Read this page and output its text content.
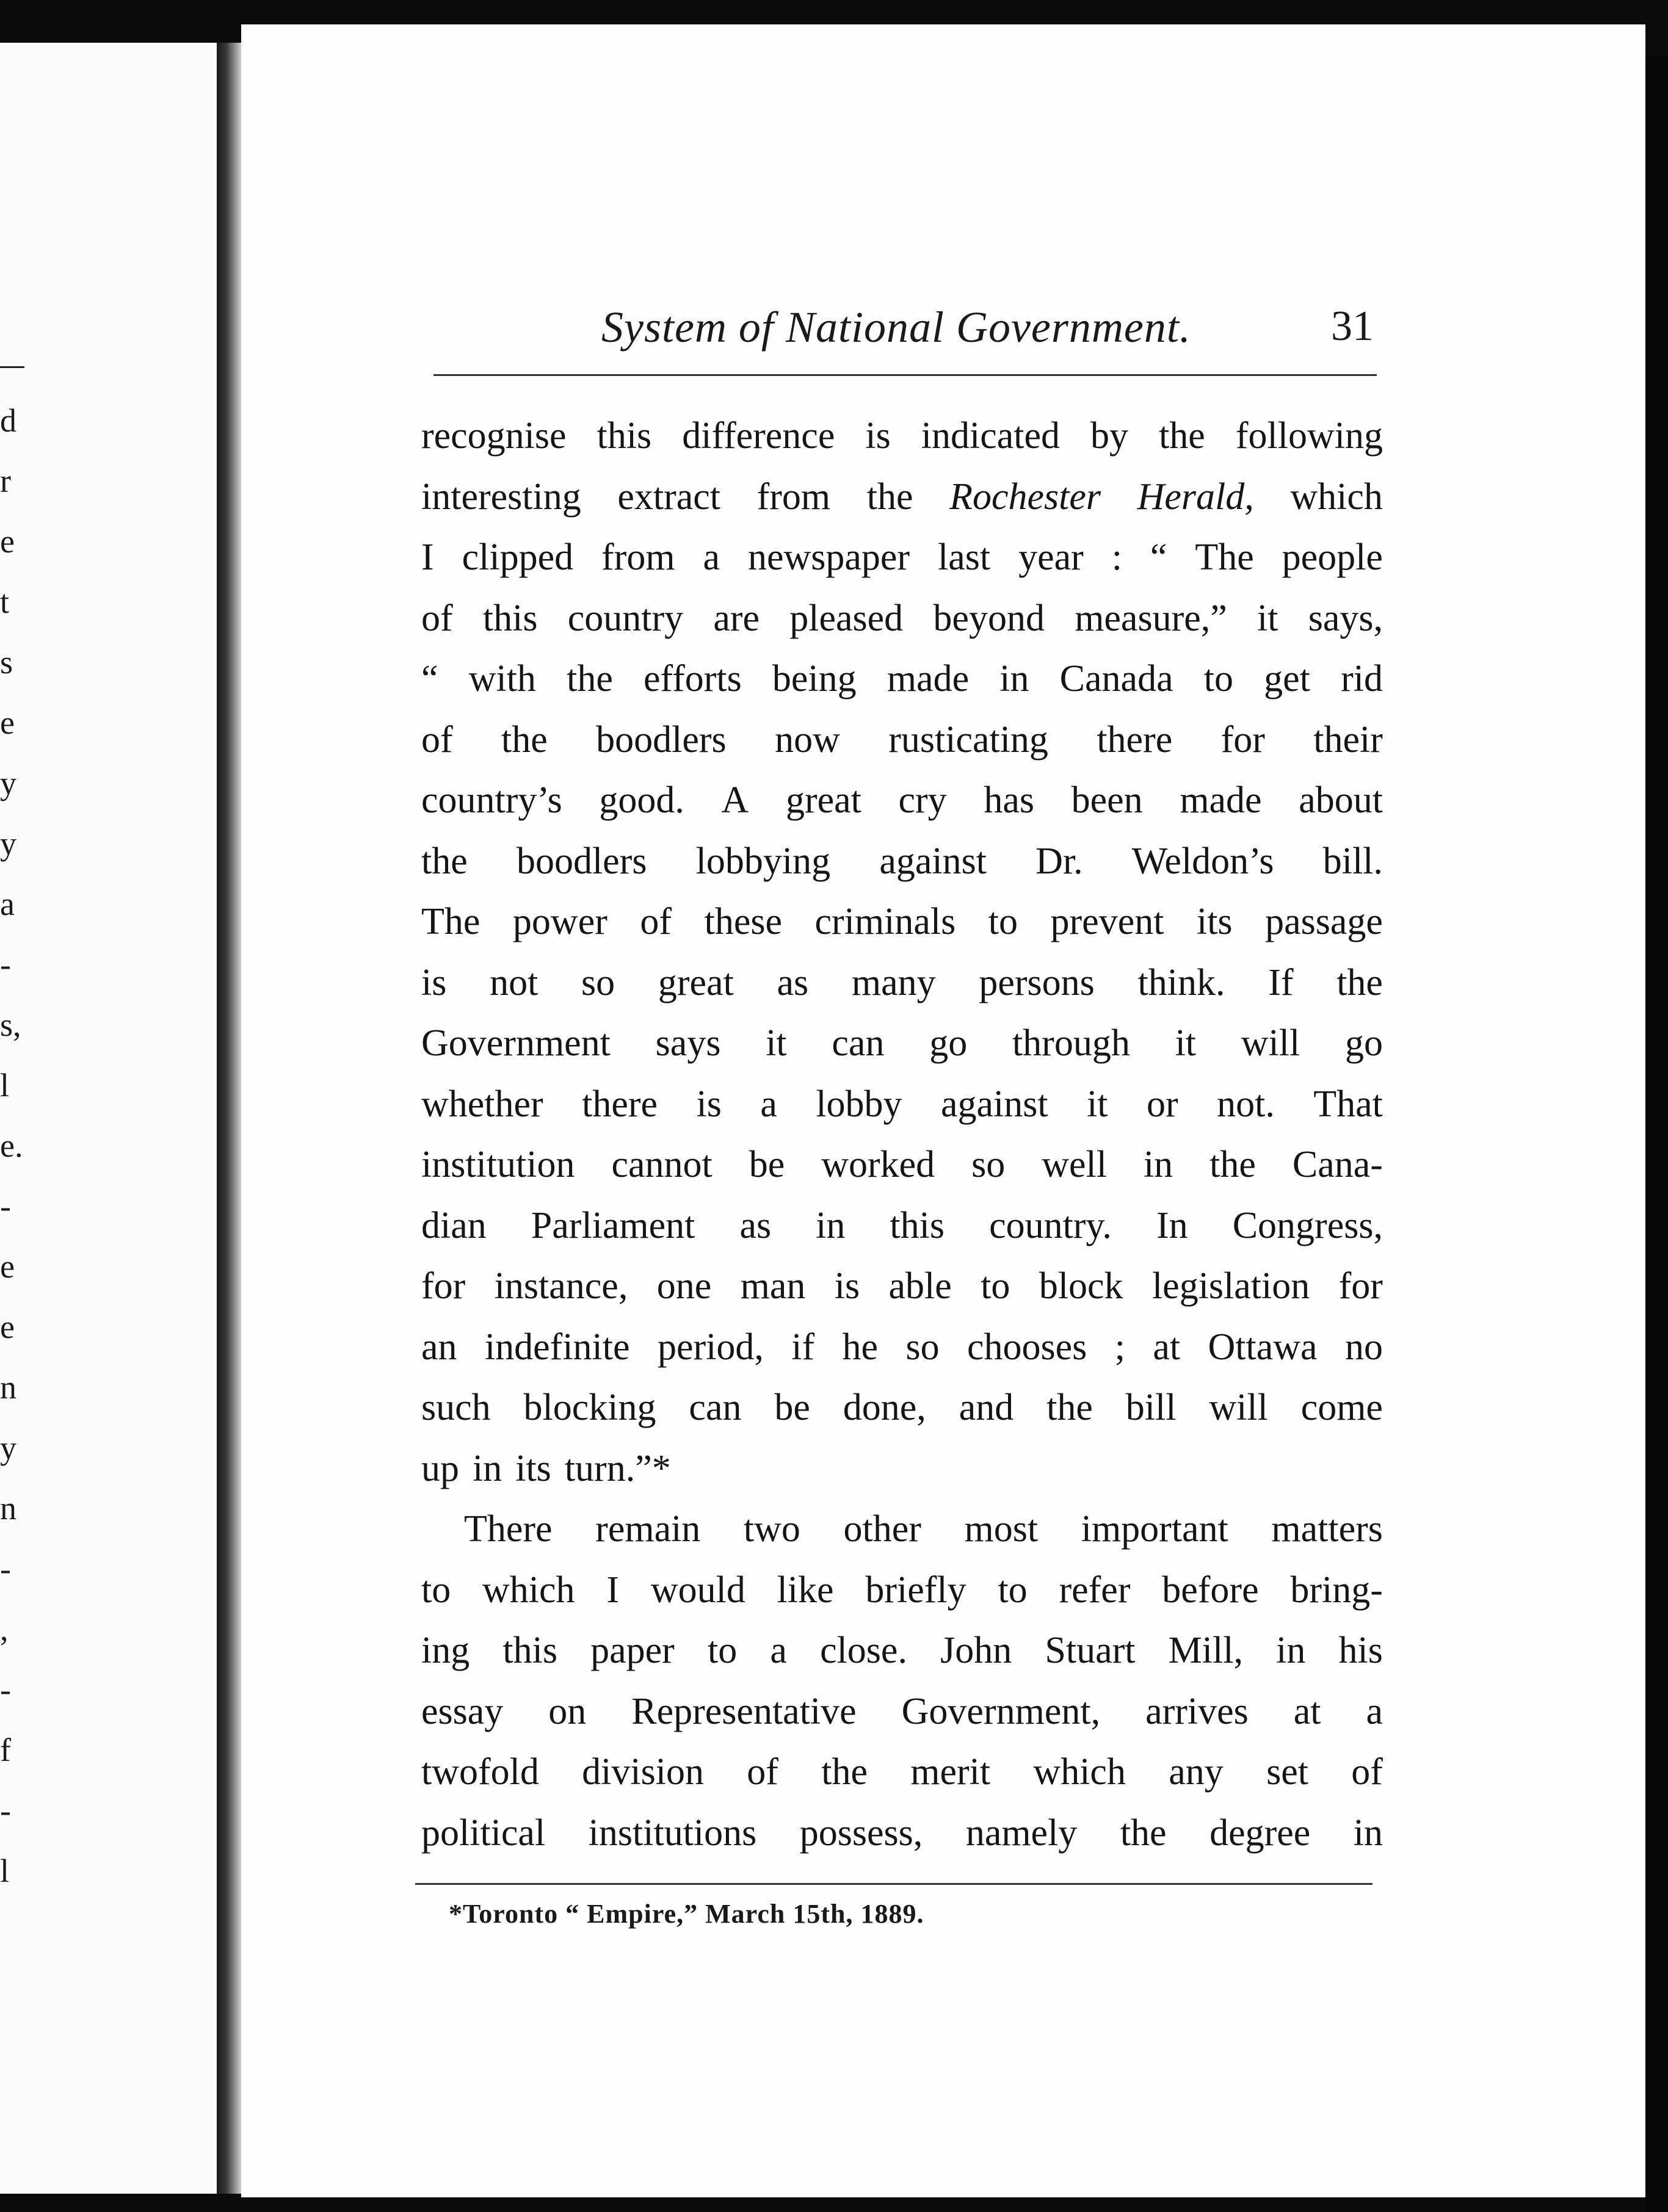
d
r
e
t
s
e
y
y
a
-
s,
l
e.
-
e
e
n
y
n
-
,
-
f
-
l
System of National Government.	31
recognise this difference is indicated by the following
interesting extract from the Rochester Herald, which
I clipped from a newspaper last year : “ The people
of this country are pleased beyond measure,” it says,
“ with the efforts being made in Canada to get rid
of the boodlers now rusticating there for their
country’s good. A great cry has been made about
the boodlers lobbying against Dr. Weldon’s bill.
The power of these criminals to prevent its passage
is not so great as many persons think. If the
Government says it can go through it will go
whether there is a lobby against it or not. That
institution cannot be worked so well in the Cana-
dian Parliament as in this country. In Congress,
for instance, one man is able to block legislation for
an indefinite period, if he so chooses ; at Ottawa no
such blocking can be done, and the bill will come
up in its turn.”*
There remain two other most important matters
to which I would like briefly to refer before bring-
ing this paper to a close. John Stuart Mill, in his
essay on Representative Government, arrives at a
twofold division of the merit which any set of
political institutions possess, namely the degree in
*Toronto “ Empire,” March 15th, 1889.
